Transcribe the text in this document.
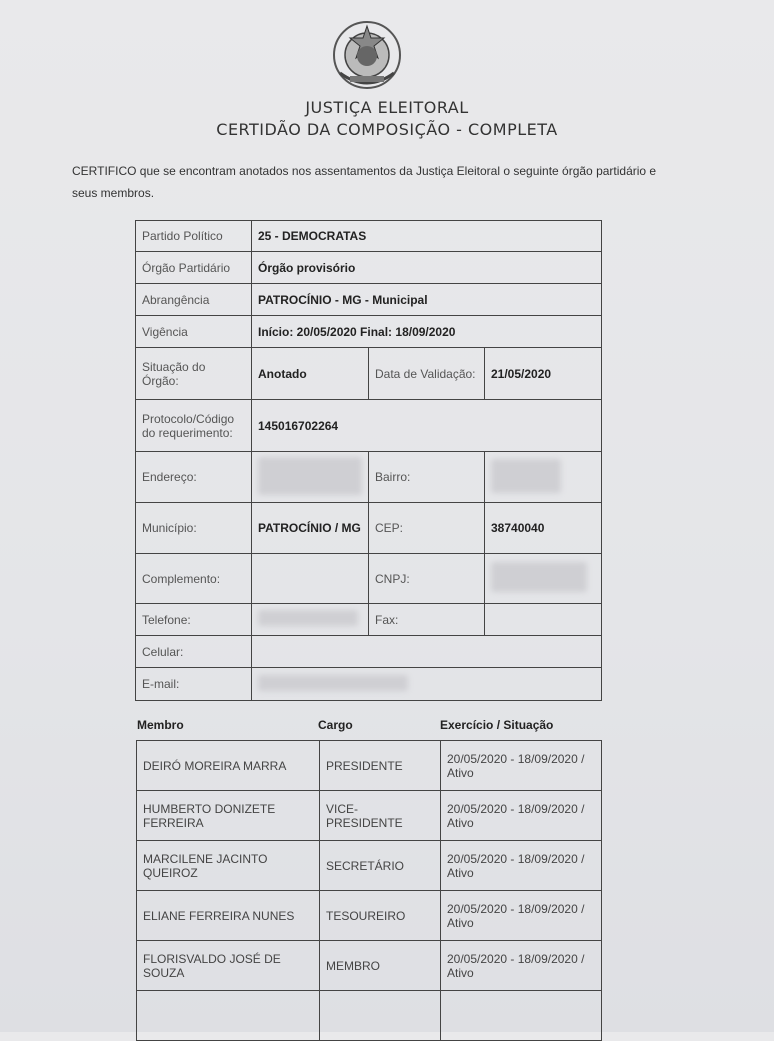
JUSTIÇA ELEITORAL
CERTIDÃO DA COMPOSIÇÃO - COMPLETA
CERTIFICO que se encontram anotados nos assentamentos da Justiça Eleitoral o seguinte órgão partidário e seus membros.
Partido Político	25 - DEMOCRATAS		
Órgão Partidário	Órgão provisório		
Abrangência	PATROCÍNIO - MG - Municipal		
Vigência	Início: 20/05/2020 Final: 18/09/2020		
Situação do Órgão:	Anotado	Data de Validação:	21/05/2020
Protocolo/Código do requerimento:	145016702264		
Endereço:		Bairro:	
Município:	PATROCÍNIO / MG	CEP:	38740040
Complemento:		CNPJ:	
Telefone:		Fax:	
Celular:			
E-mail:			
Membro	Cargo	Exercício / Situação
DEIRÓ MOREIRA MARRA	PRESIDENTE	20/05/2020 - 18/09/2020 / Ativo
HUMBERTO DONIZETE FERREIRA	VICE-PRESIDENTE	20/05/2020 - 18/09/2020 / Ativo
MARCILENE JACINTO QUEIROZ	SECRETÁRIO	20/05/2020 - 18/09/2020 / Ativo
ELIANE FERREIRA NUNES	TESOUREIRO	20/05/2020 - 18/09/2020 / Ativo
FLORISVALDO JOSÉ DE SOUZA	MEMBRO	20/05/2020 - 18/09/2020 / Ativo
